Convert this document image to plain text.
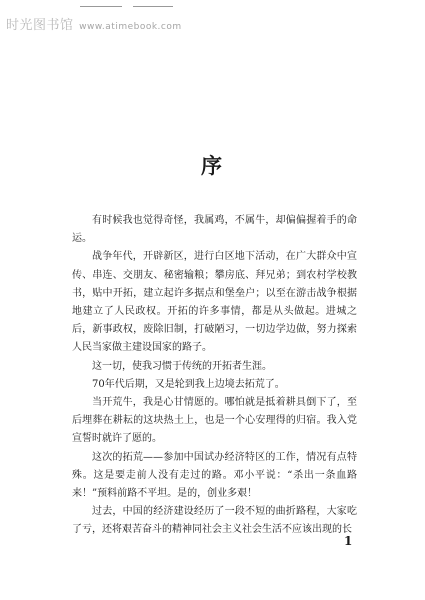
时光图书馆 www.atimebook.com
序

有时候我也觉得奇怪，我属鸡，不属牛，却偏偏握着手的命运。

战争年代，开辟新区，进行白区地下活动，在广大群众中宣传、串连、交朋友、秘密输粮；攀房底、拜兄弟；到农村学校教书，贴中开拓，建立起许多据点和堡垒户；以至在游击战争根据地建立了人民政权。开拓的许多事情，都是从头做起。进城之后，新事政权，废除旧制，打破陋习，一切边学边做，努力探索人民当家做主建设国家的路子。

这一切，使我习惯于传统的开拓者生涯。

70年代后期，又是轮到我上边境去拓荒了。

当开荒牛，我是心甘情愿的。哪怕就是抵着耕具倒下了，至后埋葬在耕耘的这块热土上，也是一个心安理得的归宿。我入党宣誓时就许了愿的。

这次的拓荒——参加中国试办经济特区的工作，情况有点特殊。这是要走前人没有走过的路。邓小平说：“杀出一条血路来！”预料前路不平坦。是的，创业多艰！

过去，中国的经济建设经历了一段不短的曲折路程，大家吃了亏，还将艰苦奋斗的精神同社会主义社会生活不应该出现的长

1
